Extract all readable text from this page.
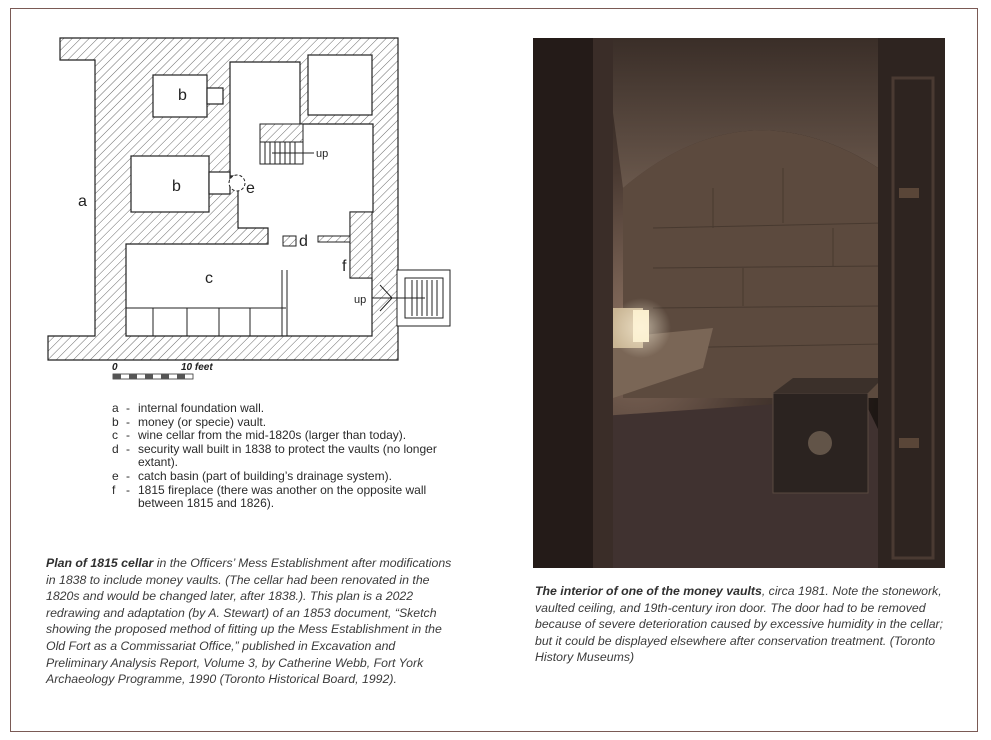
a
b
b
c
d
e
f
up
up
0	10 feet
a - internal foundation wall.
b - money (or specie) vault.
c - wine cellar from the mid-1820s (larger than today).
d - security wall built in 1838 to protect the vaults (no longer extant).
e - catch basin (part of building’s drainage system).
f - 1815 fireplace (there was another on the opposite wall between 1815 and 1826).
Plan of 1815 cellar in the Officers’ Mess Establishment after modifications in 1838 to include money vaults. (The cellar had been renovated in the 1820s and would be changed later, after 1838.). This plan is a 2022 redrawing and adaptation (by A. Stewart) of an 1853 document, “Sketch showing the proposed method of fitting up the Mess Establishment in the Old Fort as a Commissariat Office,” published in Excavation and Preliminary Analysis Report, Volume 3, by Catherine Webb, Fort York Archaeology Programme, 1990 (Toronto Historical Board, 1992).
The interior of one of the money vaults, circa 1981. Note the stonework, vaulted ceiling, and 19th-century iron door. The door had to be removed because of severe deterioration caused by excessive humidity in the cellar; but it could be displayed elsewhere after conservation treatment. (Toronto History Museums)
